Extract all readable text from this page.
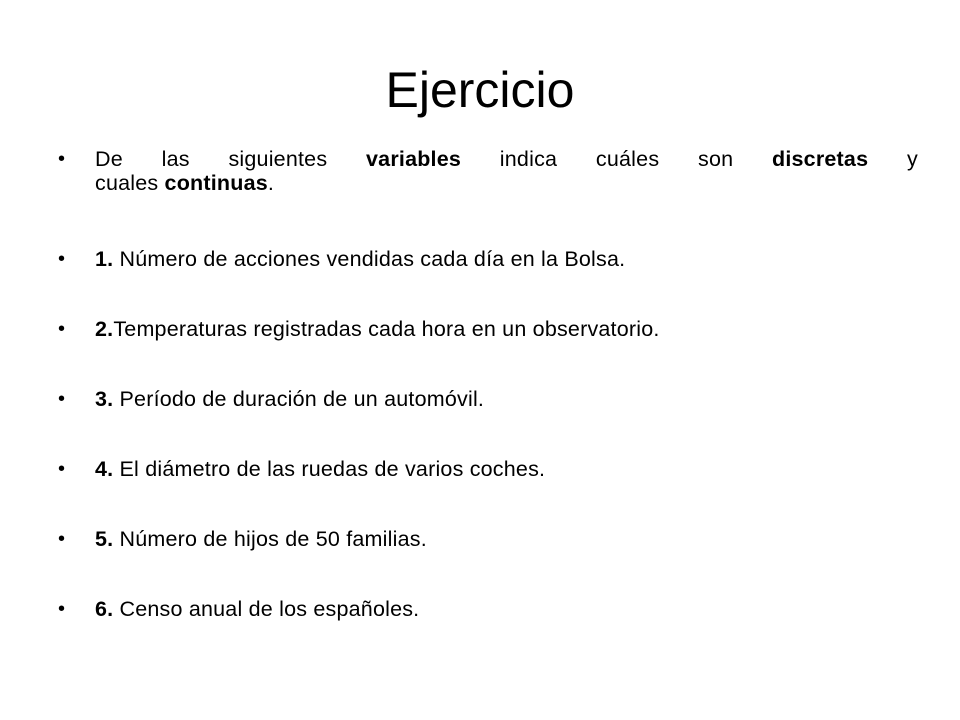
Ejercicio
• De las siguientes variables indica cuáles son discretas y
cuales continuas.
• 1. Número de acciones vendidas cada día en la Bolsa.
• 2.Temperaturas registradas cada hora en un observatorio.
• 3. Período de duración de un automóvil.
• 4. El diámetro de las ruedas de varios coches.
• 5. Número de hijos de 50 familias.
• 6. Censo anual de los españoles.
